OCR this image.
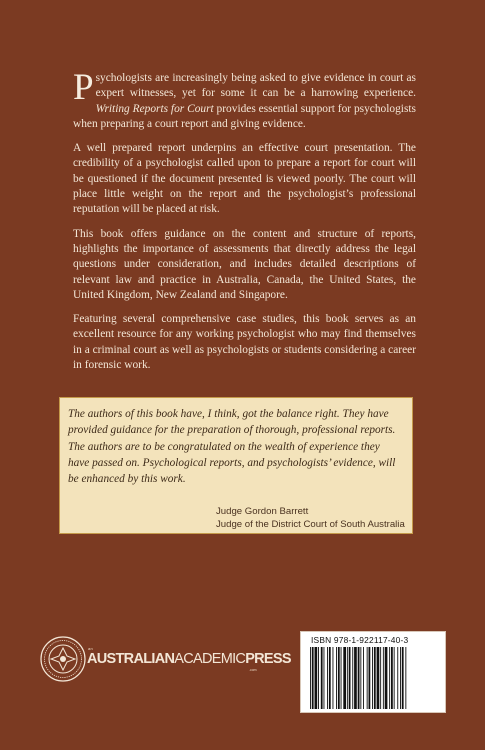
Psychologists are increasingly being asked to give evidence in court as expert witnesses, yet for some it can be a harrowing experience. Writing Reports for Court provides essential support for psychologists when preparing a court report and giving evidence.

A well prepared report underpins an effective court presentation. The credibility of a psychologist called upon to prepare a report for court will be questioned if the document presented is viewed poorly. The court will place little weight on the report and the psychologist’s professional reputation will be placed at risk.

This book offers guidance on the content and structure of reports, highlights the importance of assessments that directly address the legal questions under consideration, and includes detailed descriptions of relevant law and practice in Australia, Canada, the United States, the United Kingdom, New Zealand and Singapore.

Featuring several comprehensive case studies, this book serves as an excellent resource for any working psychologist who may find themselves in a criminal court as well as psychologists or students considering a career in forensic work.

The authors of this book have, I think, got the balance right. They have provided guidance for the preparation of thorough, professional reports. The authors are to be congratulated on the wealth of experience they have passed on. Psychological reports, and psychologists’ evidence, will be enhanced by this work.

Judge Gordon Barrett
Judge of the District Court of South Australia
an
AUSTRALIANACADEMICPRESS
.com
ISBN 978-1-922117-40-3
